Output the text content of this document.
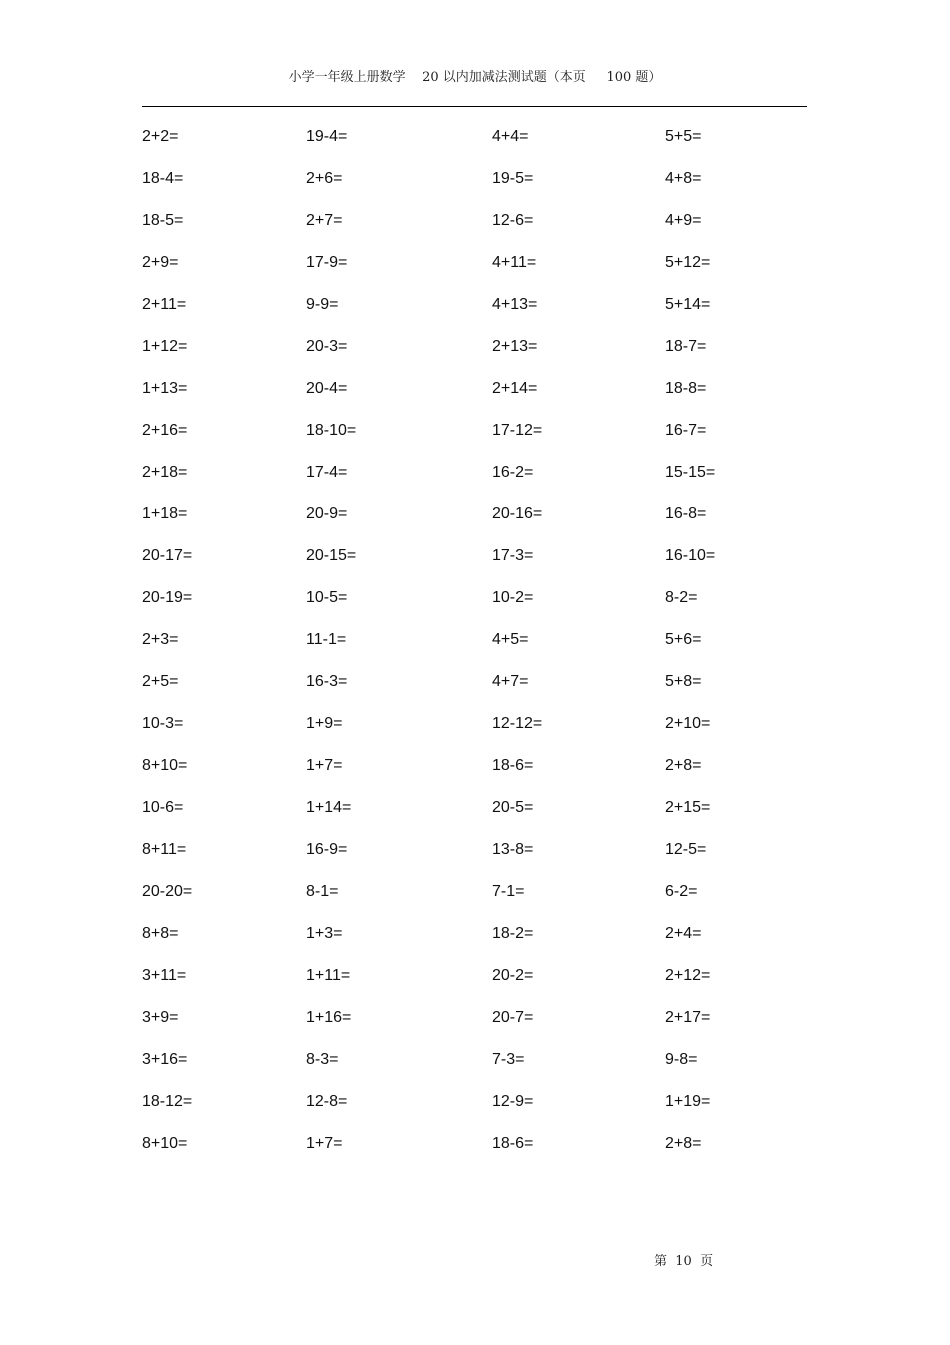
小学一年级上册数学    20 以内加减法测试题（本页     100 题）
2+2=	19-4=	4+4=	5+5=
18-4=	2+6=	19-5=	4+8=
18-5=	2+7=	12-6=	4+9=
2+9=	17-9=	4+11=	5+12=
2+11=	9-9=	4+13=	5+14=
1+12=	20-3=	2+13=	18-7=
1+13=	20-4=	2+14=	18-8=
2+16=	18-10=	17-12=	16-7=
2+18=	17-4=	16-2=	15-15=
1+18=	20-9=	20-16=	16-8=
20-17=	20-15=	17-3=	16-10=
20-19=	10-5=	10-2=	8-2=
2+3=	11-1=	4+5=	5+6=
2+5=	16-3=	4+7=	5+8=
10-3=	1+9=	12-12=	2+10=
8+10=	1+7=	18-6=	2+8=
10-6=	1+14=	20-5=	2+15=
8+11=	16-9=	13-8=	12-5=
20-20=	8-1=	7-1=	6-2=
8+8=	1+3=	18-2=	2+4=
3+11=	1+11=	20-2=	2+12=
3+9=	1+16=	20-7=	2+17=
3+16=	8-3=	7-3=	9-8=
18-12=	12-8=	12-9=	1+19=
8+10=	1+7=	18-6=	2+8=
第  10  页
